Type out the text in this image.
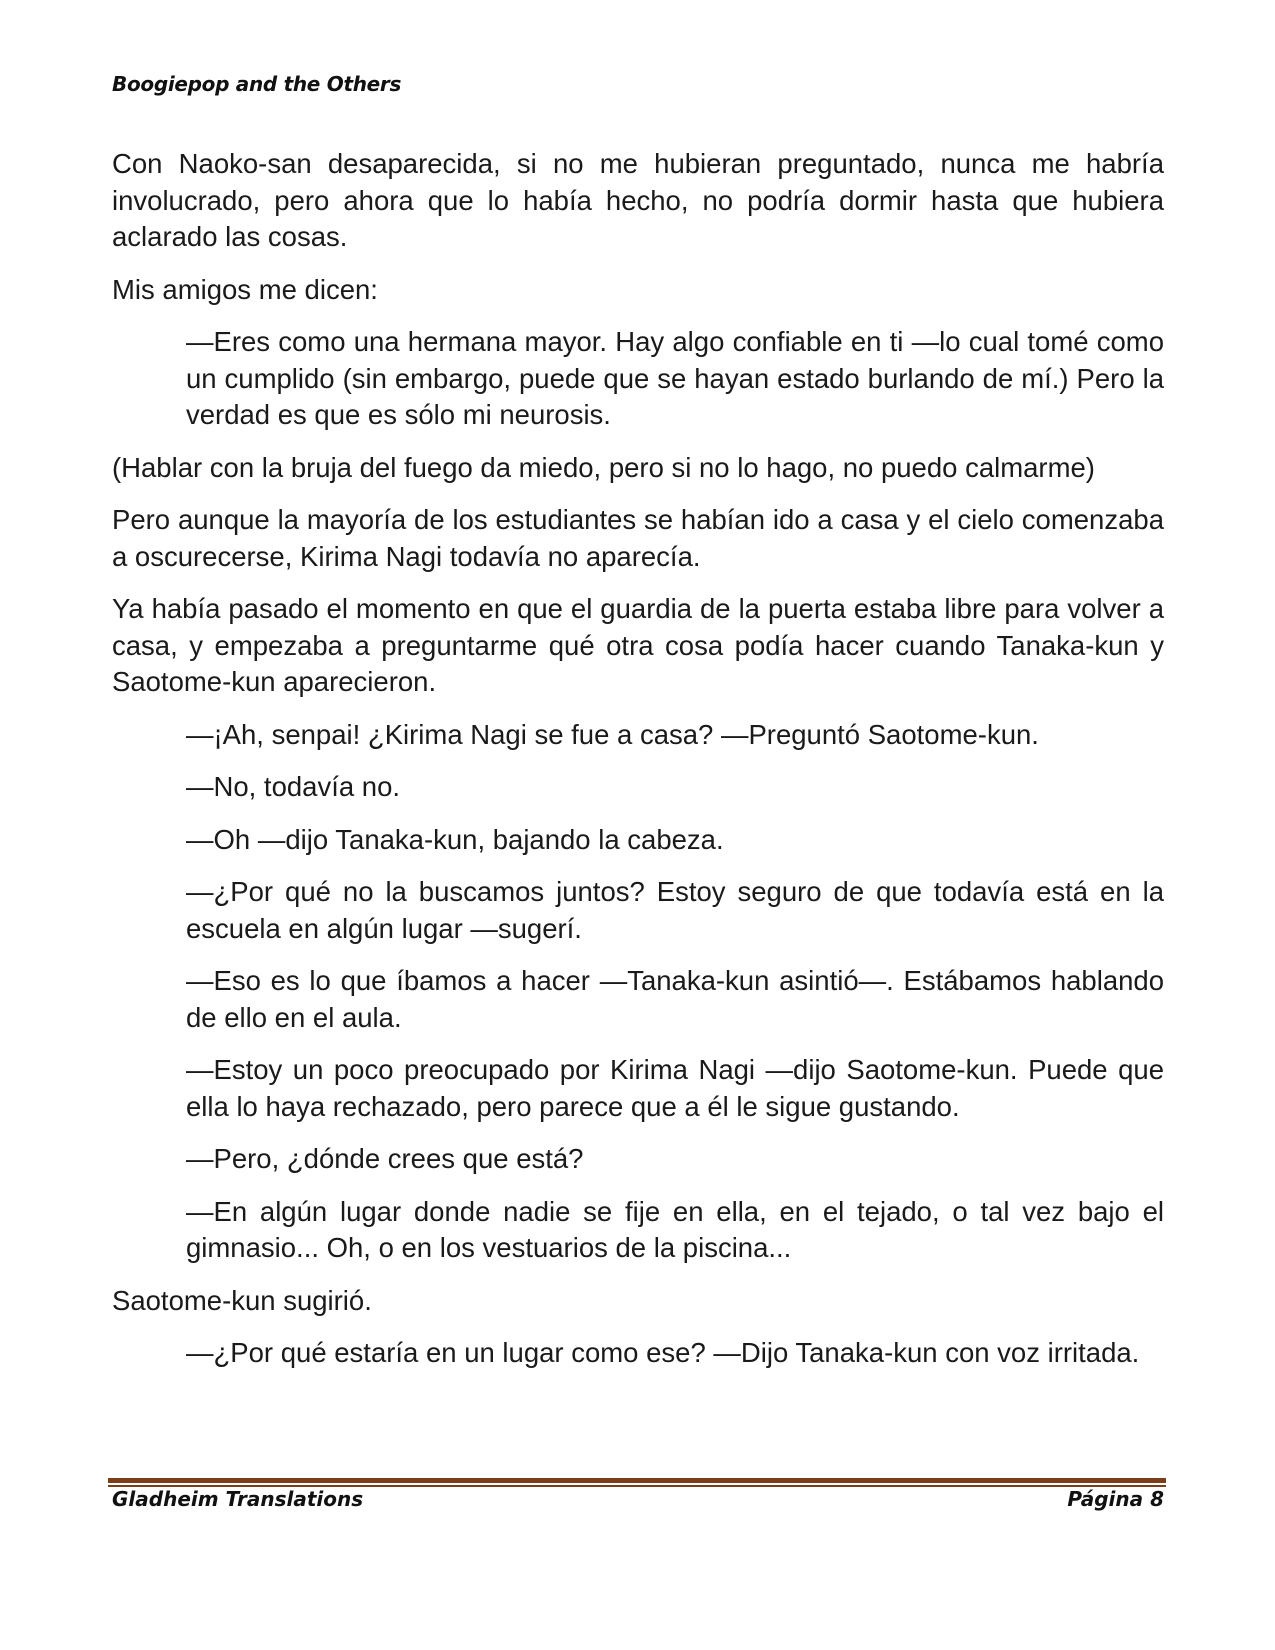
Boogiepop and the Others

Con Naoko-san desaparecida, si no me hubieran preguntado, nunca me habría involucrado, pero ahora que lo había hecho, no podría dormir hasta que hubiera aclarado las cosas.

Mis amigos me dicen:

—Eres como una hermana mayor. Hay algo confiable en ti —lo cual tomé como un cumplido (sin embargo, puede que se hayan estado burlando de mí.) Pero la verdad es que es sólo mi neurosis.

(Hablar con la bruja del fuego da miedo, pero si no lo hago, no puedo calmarme)

Pero aunque la mayoría de los estudiantes se habían ido a casa y el cielo comenzaba a oscurecerse, Kirima Nagi todavía no aparecía.

Ya había pasado el momento en que el guardia de la puerta estaba libre para volver a casa, y empezaba a preguntarme qué otra cosa podía hacer cuando Tanaka-kun y Saotome-kun aparecieron.

—¡Ah, senpai! ¿Kirima Nagi se fue a casa? —Preguntó Saotome-kun.

—No, todavía no.

—Oh —dijo Tanaka-kun, bajando la cabeza.

—¿Por qué no la buscamos juntos? Estoy seguro de que todavía está en la escuela en algún lugar —sugerí.

—Eso es lo que íbamos a hacer —Tanaka-kun asintió—. Estábamos hablando de ello en el aula.

—Estoy un poco preocupado por Kirima Nagi —dijo Saotome-kun. Puede que ella lo haya rechazado, pero parece que a él le sigue gustando.

—Pero, ¿dónde crees que está?

—En algún lugar donde nadie se fije en ella, en el tejado, o tal vez bajo el gimnasio... Oh, o en los vestuarios de la piscina...

Saotome-kun sugirió.

—¿Por qué estaría en un lugar como ese? —Dijo Tanaka-kun con voz irritada.

Gladheim Translations	Página 8
